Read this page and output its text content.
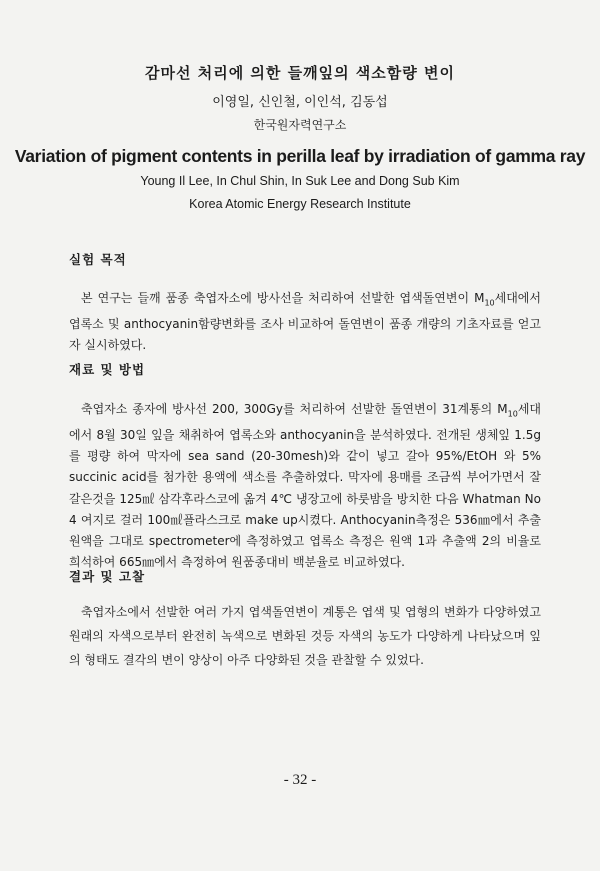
감마선 처리에 의한 들깨잎의 색소함량 변이
이영일, 신인철, 이인석, 김동섭
한국원자력연구소
Variation of pigment contents in perilla leaf by irradiation of gamma ray
Young Il Lee, In Chul Shin, In Suk Lee and Dong Sub Kim
Korea Atomic Energy Research Institute
실험 목적

본 연구는 들깨 품종 축엽자소에 방사선을 처리하여 선발한 엽색돌연변이 $M_{10}$세대에서 엽록소 및 anthocyanin함량변화를 조사 비교하여 돌연변이 품종 개량의 기초자료를 얻고자 실시하였다.

재료 및 방법

축엽자소 종자에 방사선 200, 300Gy를 처리하여 선발한 돌연변이 31계통의 $M_{10}$세대에서 8월 30일 잎을 채취하여 엽록소와 anthocyanin을 분석하였다. 전개된 생체잎 1.5g를 평량 하여 막자에 sea sand (20-30mesh)와 같이 넣고 갈아 95%/EtOH 와 5% succinic acid를 첨가한 용액에 색소를 추출하였다. 막자에 용매를 조금씩 부어가면서 잘 갈은것을 125㎖ 삼각후라스코에 옮겨 4℃ 냉장고에 하룻밤을 방치한 다음 Whatman No 4 여지로 걸러 100㎖플라스크로 make up시켰다. Anthocyanin측정은 536㎚에서 추출 원액을 그대로 spectrometer에 측정하였고 엽록소 측정은 원액 1과 추출액 2의 비율로 희석하여 665㎚에서 측정하여 원품종대비 백분율로 비교하였다.

결과 및 고찰

축엽자소에서 선발한 여러 가지 엽색돌연변이 계통은 엽색 및 엽형의 변화가 다양하였고 원래의 자색으로부터 완전히 녹색으로 변화된 것등 자색의 농도가 다양하게 나타났으며 잎의 형태도 결각의 변이 양상이 아주 다양화된 것을 관찰할 수 있었다.

- 32 -
